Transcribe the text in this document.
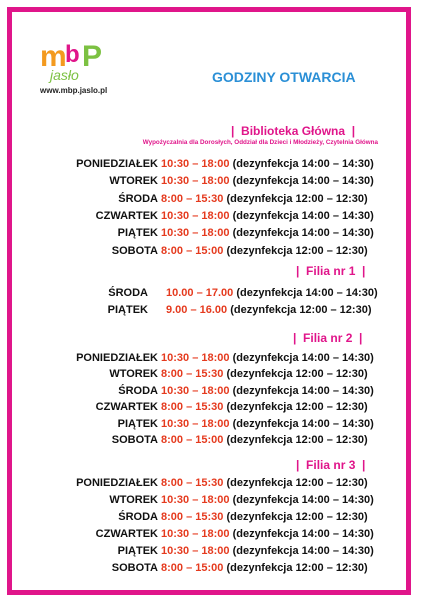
m
b P
jasło
www.mbp.jaslo.pl
GODZINY OTWARCIA
|  Biblioteka Główna  |
Wypożyczalnia dla Dorosłych, Oddział dla Dzieci i Młodzieży, Czytelnia Główna
PONIEDZIAŁEK 10:30 – 18:00 (dezynfekcja 14:00 – 14:30)
WTOREK 10:30 – 18:00 (dezynfekcja 14:00 – 14:30)
ŚRODA 8:00 – 15:30 (dezynfekcja 12:00 – 12:30)
CZWARTEK 10:30 – 18:00 (dezynfekcja 14:00 – 14:30)
PIĄTEK 10:30 – 18:00 (dezynfekcja 14:00 – 14:30)
SOBOTA 8:00 – 15:00 (dezynfekcja 12:00 – 12:30)
|  Filia nr 1  |
ŚRODA 10.00 – 17.00 (dezynfekcja 14:00 – 14:30)
PIĄTEK 9.00 – 16.00 (dezynfekcja 12:00 – 12:30)
|  Filia nr 2  |
PONIEDZIAŁEK 10:30 – 18:00 (dezynfekcja 14:00 – 14:30)
WTOREK 8:00 – 15:30 (dezynfekcja 12:00 – 12:30)
ŚRODA 10:30 – 18:00 (dezynfekcja 14:00 – 14:30)
CZWARTEK 8:00 – 15:30 (dezynfekcja 12:00 – 12:30)
PIĄTEK 10:30 – 18:00 (dezynfekcja 14:00 – 14:30)
SOBOTA 8:00 – 15:00 (dezynfekcja 12:00 – 12:30)
|  Filia nr 3  |
PONIEDZIAŁEK 8:00 – 15:30 (dezynfekcja 12:00 – 12:30)
WTOREK 10:30 – 18:00 (dezynfekcja 14:00 – 14:30)
ŚRODA 8:00 – 15:30 (dezynfekcja 12:00 – 12:30)
CZWARTEK 10:30 – 18:00 (dezynfekcja 14:00 – 14:30)
PIĄTEK 10:30 – 18:00 (dezynfekcja 14:00 – 14:30)
SOBOTA 8:00 – 15:00 (dezynfekcja 12:00 – 12:30)
